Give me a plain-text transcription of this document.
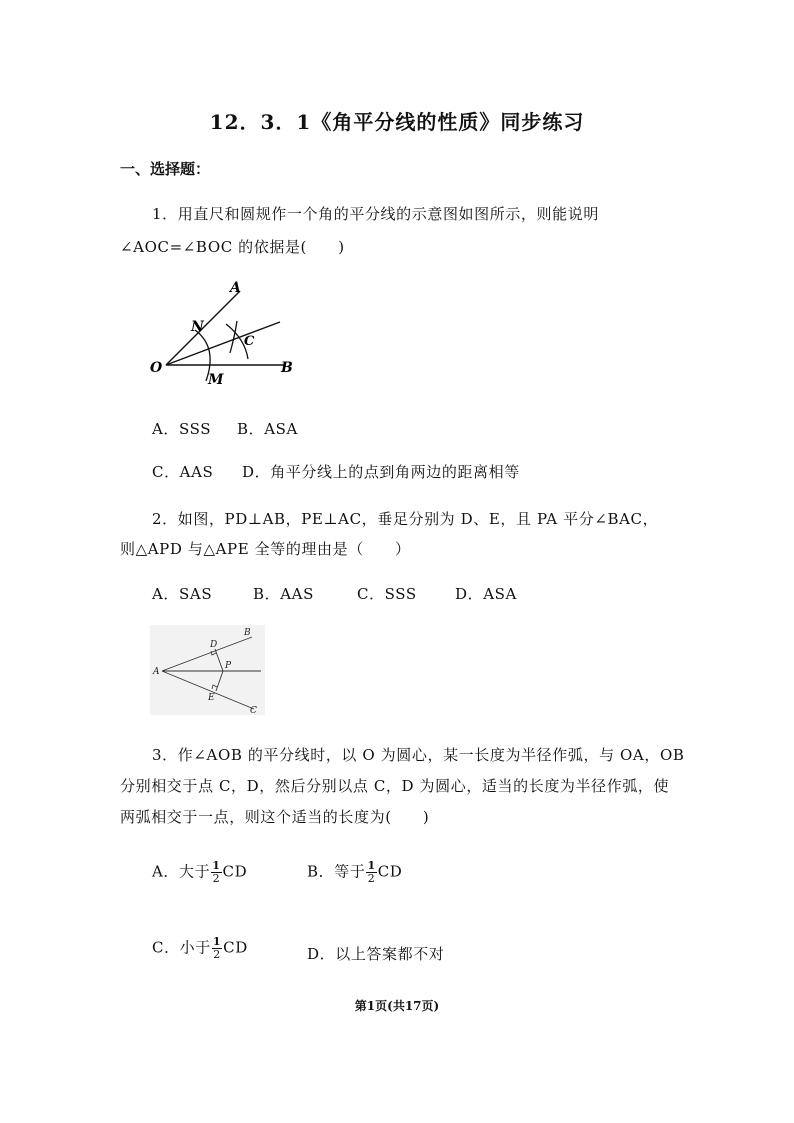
12．3．1《角平分线的性质》同步练习
一、选择题：
1．用直尺和圆规作一个角的平分线的示意图如图所示，则能说明
∠AOC=∠BOC 的依据是(　　)
A
N
C
O
M
B
A．SSS B．ASA
C．AAS D．角平分线上的点到角两边的距离相等
2．如图，PD⊥AB，PE⊥AC，垂足分别为 D、E，且 PA 平分∠BAC，
则△APD 与△APE 全等的理由是（　　）
A．SAS	B．AAS	C．SSS	D．ASA
A
B
D
P
E
C
3．作∠AOB 的平分线时，以 O 为圆心，某一长度为半径作弧，与 OA，OB
分别相交于点 C，D，然后分别以点 C，D 为圆心，适当的长度为半径作弧，使
两弧相交于一点，则这个适当的长度为(　　)
A．大于 $\frac{1}{2}$ CD	B．等于 $\frac{1}{2}$ CD
C．小于 $\frac{1}{2}$ CD	D．以上答案都不对
第1页(共17页)
